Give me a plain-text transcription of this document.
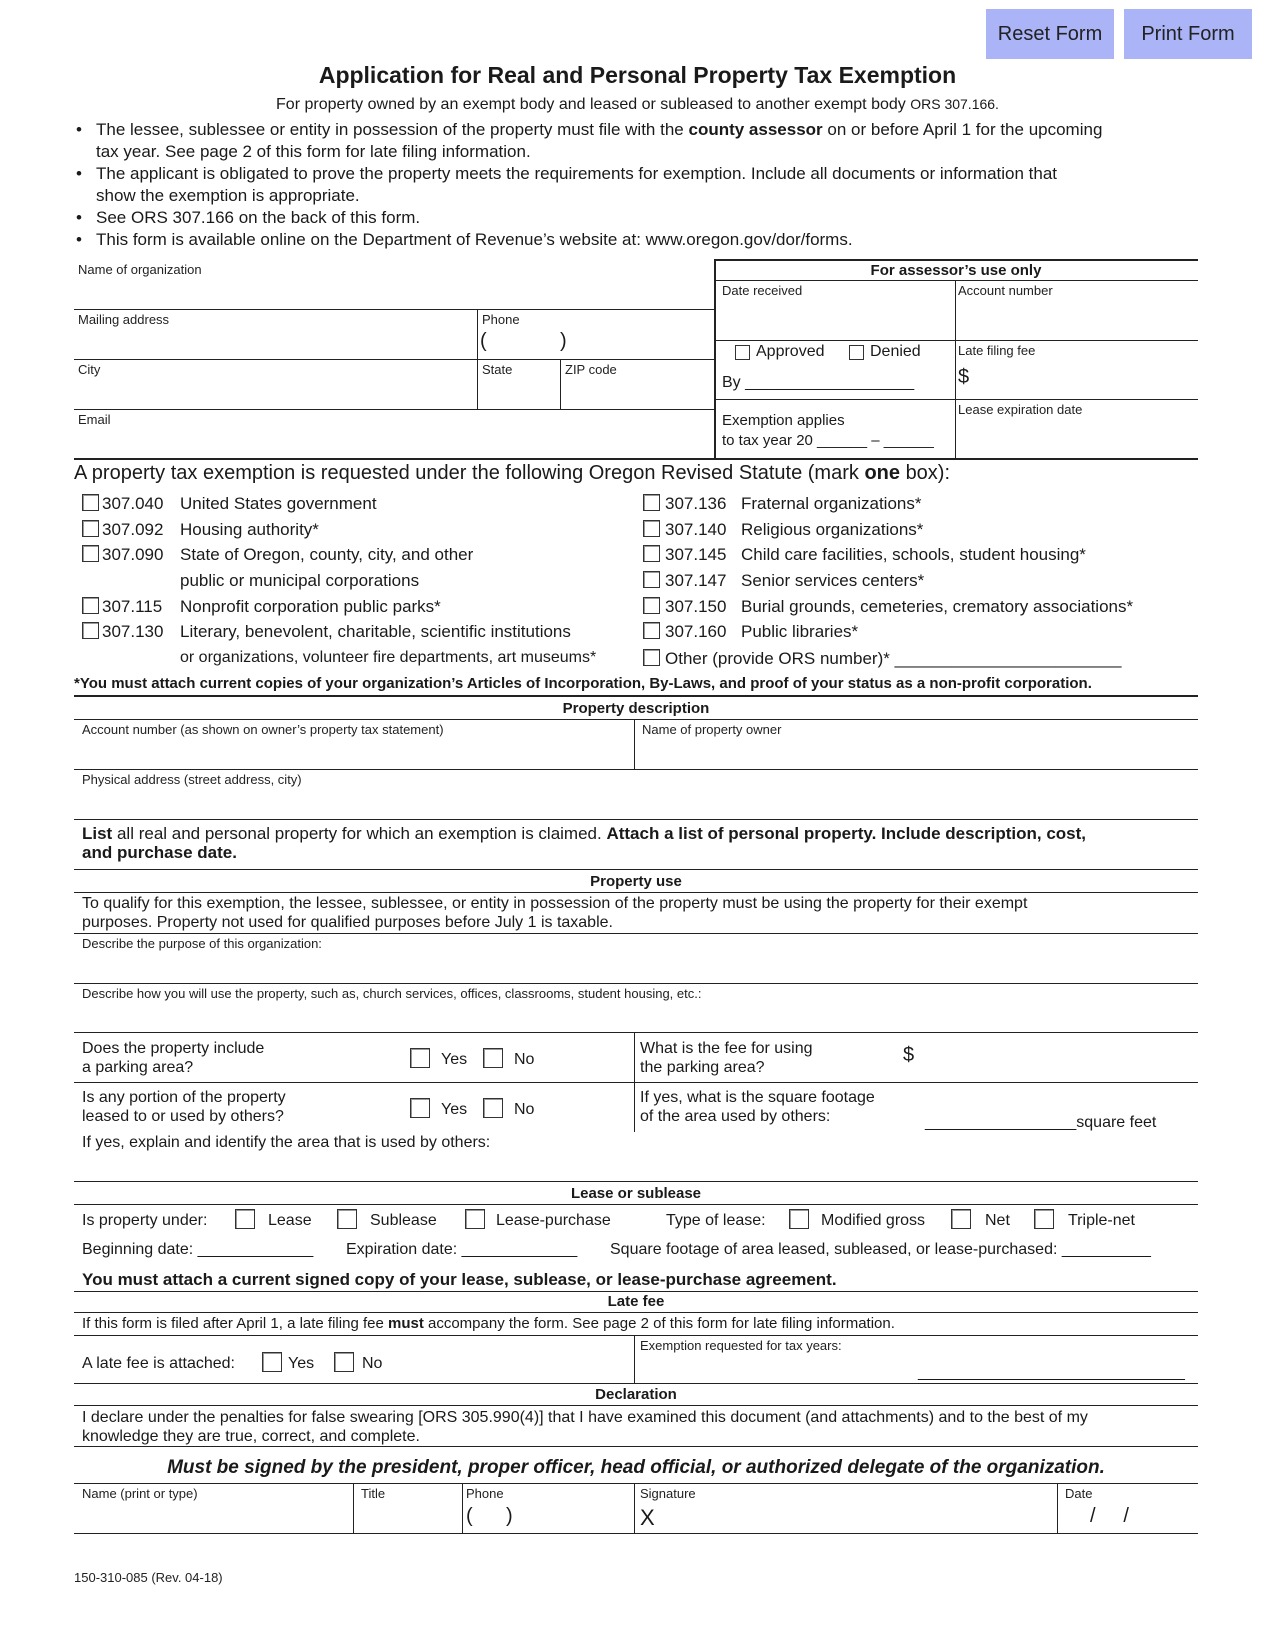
Reset Form	Print Form
Application for Real and Personal Property Tax Exemption
For property owned by an exempt body and leased or subleased to another exempt body ORS 307.166.
• The lessee, sublessee or entity in possession of the property must file with the county assessor on or before April 1 for the upcoming
tax year. See page 2 of this form for late filing information.
• The applicant is obligated to prove the property meets the requirements for exemption. Include all documents or information that
show the exemption is appropriate.
• See ORS 307.166 on the back of this form.
• This form is available online on the Department of Revenue’s website at: www.oregon.gov/dor/forms.
Name of organization
Mailing address	Phone
(	)
City	State	ZIP code
Email
For assessor’s use only
Date received	Account number
Approved	Denied
By ___________________
Late filing fee
$
Lease expiration date
Exemption applies
to tax year 20 ______ – ______
A property tax exemption is requested under the following Oregon Revised Statute (mark one box):
307.040 United States government
307.092 Housing authority*
307.090 State of Oregon, county, city, and other
public or municipal corporations
307.115 Nonprofit corporation public parks*
307.130 Literary, benevolent, charitable, scientific institutions
or organizations, volunteer fire departments, art museums*
307.136 Fraternal organizations*
307.140 Religious organizations*
307.145 Child care facilities, schools, student housing*
307.147 Senior services centers*
307.150 Burial grounds, cemeteries, crematory associations*
307.160 Public libraries*
Other (provide ORS number)* ________________________
*You must attach current copies of your organization’s Articles of Incorporation, By-Laws, and proof of your status as a non-profit corporation.
Property description
Account number (as shown on owner’s property tax statement)	Name of property owner
Physical address (street address, city)
List all real and personal property for which an exemption is claimed. Attach a list of personal property. Include description, cost,
and purchase date.
Property use
To qualify for this exemption, the lessee, sublessee, or entity in possession of the property must be using the property for their exempt
purposes. Property not used for qualified purposes before July 1 is taxable.
Describe the purpose of this organization:
Describe how you will use the property, such as, church services, offices, classrooms, student housing, etc.:
Does the property include
a parking area?	Yes	No
What is the fee for using
the parking area?
$
Is any portion of the property
leased to or used by others?	Yes	No
If yes, what is the square footage
of the area used by others:	_________________square feet
If yes, explain and identify the area that is used by others:
Lease or sublease
Is property under:	Lease	Sublease	Lease-purchase	Type of lease:	Modified gross	Net	Triple-net
Beginning date: _____________ Expiration date: _____________ Square footage of area leased, subleased, or lease-purchased: __________
You must attach a current signed copy of your lease, sublease, or lease-purchase agreement.
Late fee
If this form is filed after April 1, a late filing fee must accompany the form. See page 2 of this form for late filing information.
A late fee is attached:	Yes	No
Exemption requested for tax years:
______________________________
Declaration
I declare under the penalties for false swearing [ORS 305.990(4)] that I have examined this document (and attachments) and to the best of my
knowledge they are true, correct, and complete.
Must be signed by the president, proper officer, head official, or authorized delegate of the organization.
Name (print or type)	Title	Phone
(      )
Signature
X
Date
/     /
150-310-085 (Rev. 04-18)
